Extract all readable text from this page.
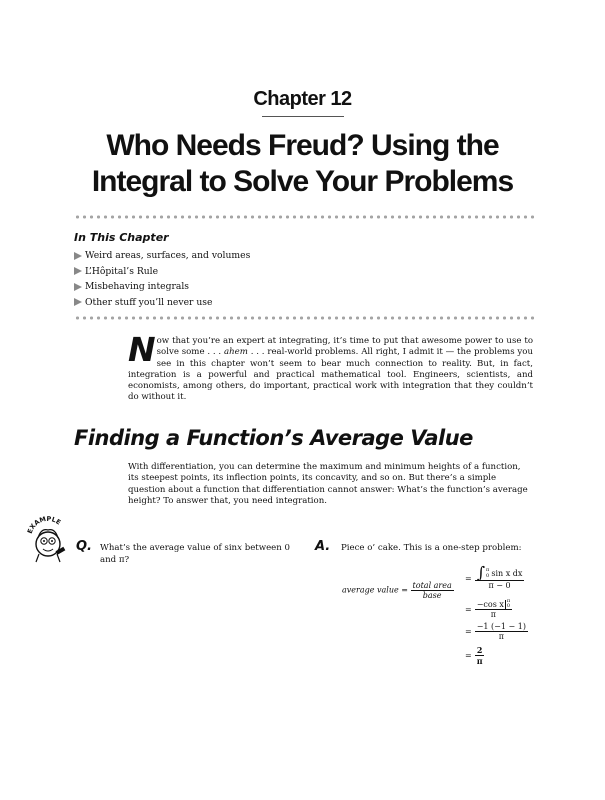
Chapter 12
Who Needs Freud? Using the
Integral to Solve Your Problems
In This Chapter
Weird areas, surfaces, and volumes
L’Hôpital’s Rule
Misbehaving integrals
Other stuff you’ll never use
Now that you’re an expert at integrating, it’s time to put that awesome power to use to solve some . . . ahem . . . real-world problems. All right, I admit it — the problems you see in this chapter won’t seem to bear much connection to reality. But, in fact, integration is a powerful and practical mathematical tool. Engineers, scientists, and economists, among others, do important, practical work with integration that they couldn’t do without it.
Finding a Function’s Average Value
With differentiation, you can determine the maximum and minimum heights of a function, its steepest points, its inflection points, its concavity, and so on. But there’s a simple question about a function that differentiation cannot answer: What’s the function’s average height? To answer that, you need integration.
EXAMPLE
Q. What’s the average value of sinx between 0 and π?
A. Piece o’ cake. This is a one-step problem:
average value = $\frac{\text{total area}}{\text{base}}$
= ∫ π
0 sin x dx
π − 0
= −cos x π
0
π
= $\frac{-1 (-1 - 1)}{\pi}$
= $\frac{2}{\pi}$
